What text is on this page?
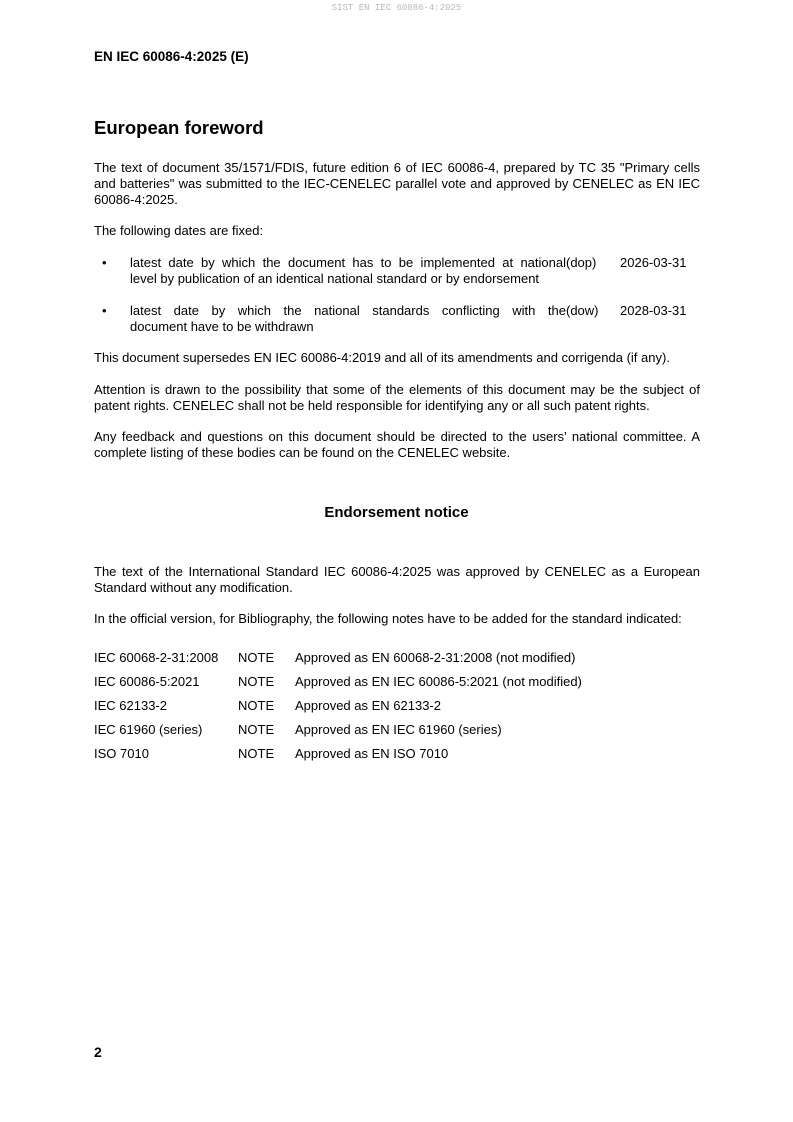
SIST EN IEC 60086-4:2025
EN IEC 60086-4:2025 (E)
European foreword
The text of document 35/1571/FDIS, future edition 6 of IEC 60086-4, prepared by TC 35 "Primary cells and batteries" was submitted to the IEC-CENELEC parallel vote and approved by CENELEC as EN IEC 60086-4:2025.
The following dates are fixed:
•	latest date by which the document has to be implemented at national (dop)	2026-03-31
level by publication of an identical national standard or by endorsement
•	latest date by which the national standards conflicting with the (dow)	2028-03-31
document have to be withdrawn
This document supersedes EN IEC 60086-4:2019 and all of its amendments and corrigenda (if any).
Attention is drawn to the possibility that some of the elements of this document may be the subject of patent rights. CENELEC shall not be held responsible for identifying any or all such patent rights.
Any feedback and questions on this document should be directed to the users’ national committee. A complete listing of these bodies can be found on the CENELEC website.
Endorsement notice
The text of the International Standard IEC 60086-4:2025 was approved by CENELEC as a European Standard without any modification.
In the official version, for Bibliography, the following notes have to be added for the standard indicated:
IEC 60068-2-31:2008	NOTE	Approved as EN 60068-2-31:2008 (not modified)
IEC 60086-5:2021	NOTE	Approved as EN IEC 60086-5:2021 (not modified)
IEC 62133-2	NOTE	Approved as EN 62133-2
IEC 61960 (series)	NOTE	Approved as EN IEC 61960 (series)
ISO 7010	NOTE	Approved as EN ISO 7010
2
